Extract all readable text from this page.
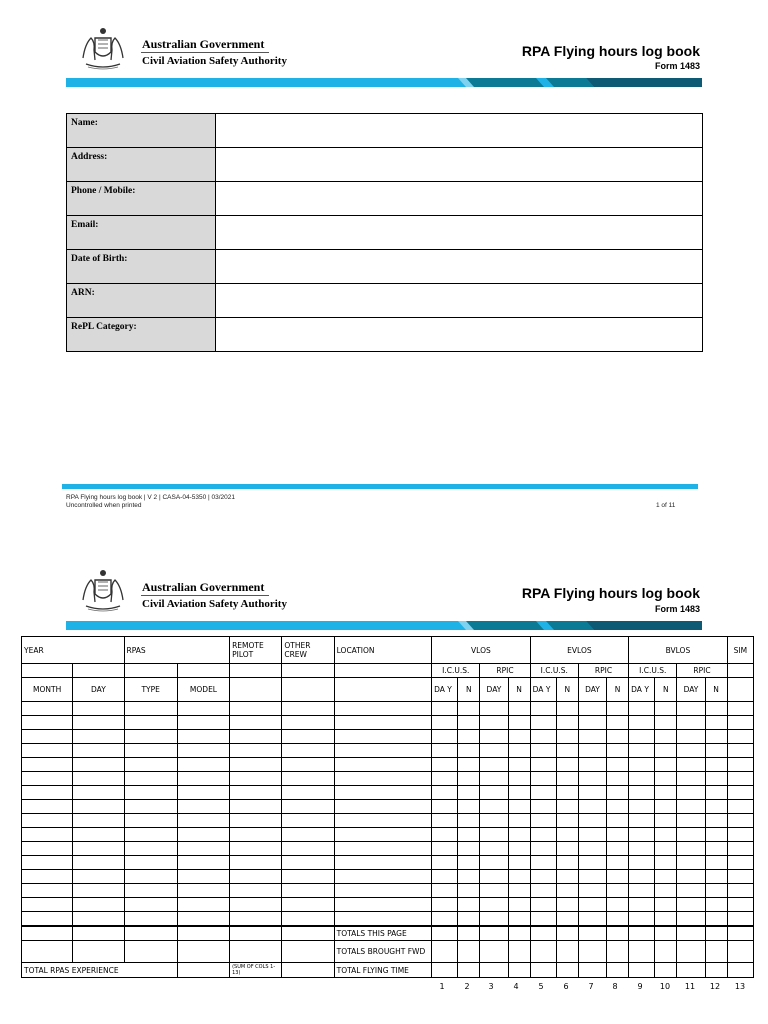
Australian Government
Civil Aviation Safety Authority
RPA Flying hours log book
Form 1483
Name:	
Address:	
Phone / Mobile:	
Email:	
Date of Birth:	
ARN:	
RePL Category:	
RPA Flying hours log book | V 2 | CASA-04-5350 | 03/2021
Uncontrolled when printed	1 of 11
Australian Government
Civil Aviation Safety Authority
RPA Flying hours log book
Form 1483
YEAR		RPAS		REMOTE PILOT	OTHER CREW	LOCATION	VLOS				EVLOS				BVLOS				SIM
							I.C.U.S.		RPIC		I.C.U.S.		RPIC		I.C.U.S.		RPIC		
MONTH	DAY	TYPE	MODEL				DA Y	N	DAY	N	DA Y	N	DAY	N	DA Y	N	DAY	N	

						TOTALS THIS PAGE													
						TOTALS BROUGHT FWD													
TOTAL RPAS EXPERIENCE				(SUM OF COLS 1-13)		TOTAL FLYING TIME													
1 2 3 4 5 6 7 8 9 10 11 12 13
